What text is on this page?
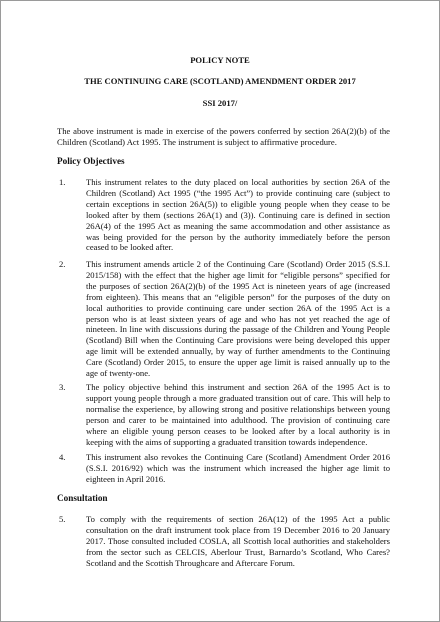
POLICY NOTE
THE CONTINUING CARE (SCOTLAND) AMENDMENT ORDER 2017
SSI 2017/
The above instrument is made in exercise of the powers conferred by section 26A(2)(b) of the Children (Scotland) Act 1995. The instrument is subject to affirmative procedure.
Policy Objectives
1.	This instrument relates to the duty placed on local authorities by section 26A of the Children (Scotland) Act 1995 (“the 1995 Act”) to provide continuing care (subject to certain exceptions in section 26A(5)) to eligible young people when they cease to be looked after by them (sections 26A(1) and (3)). Continuing care is defined in section 26A(4) of the 1995 Act as meaning the same accommodation and other assistance as was being provided for the person by the authority immediately before the person ceased to be looked after.
2.	This instrument amends article 2 of the Continuing Care (Scotland) Order 2015 (S.S.I. 2015/158) with the effect that the higher age limit for “eligible persons” specified for the purposes of section 26A(2)(b) of the 1995 Act is nineteen years of age (increased from eighteen). This means that an “eligible person” for the purposes of the duty on local authorities to provide continuing care under section 26A of the 1995 Act is a person who is at least sixteen years of age and who has not yet reached the age of nineteen. In line with discussions during the passage of the Children and Young People (Scotland) Bill when the Continuing Care provisions were being developed this upper age limit will be extended annually, by way of further amendments to the Continuing Care (Scotland) Order 2015, to ensure the upper age limit is raised annually up to the age of twenty-one.
3.	The policy objective behind this instrument and section 26A of the 1995 Act is to support young people through a more graduated transition out of care. This will help to normalise the experience, by allowing strong and positive relationships between young person and carer to be maintained into adulthood. The provision of continuing care where an eligible young person ceases to be looked after by a local authority is in keeping with the aims of supporting a graduated transition towards independence.
4.	This instrument also revokes the Continuing Care (Scotland) Amendment Order 2016 (S.S.I. 2016/92) which was the instrument which increased the higher age limit to eighteen in April 2016.
Consultation
5.	To comply with the requirements of section 26A(12) of the 1995 Act a public consultation on the draft instrument took place from 19 December 2016 to 20 January 2017. Those consulted included COSLA, all Scottish local authorities and stakeholders from the sector such as CELCIS, Aberlour Trust, Barnardo’s Scotland, Who Cares? Scotland and the Scottish Throughcare and Aftercare Forum.
